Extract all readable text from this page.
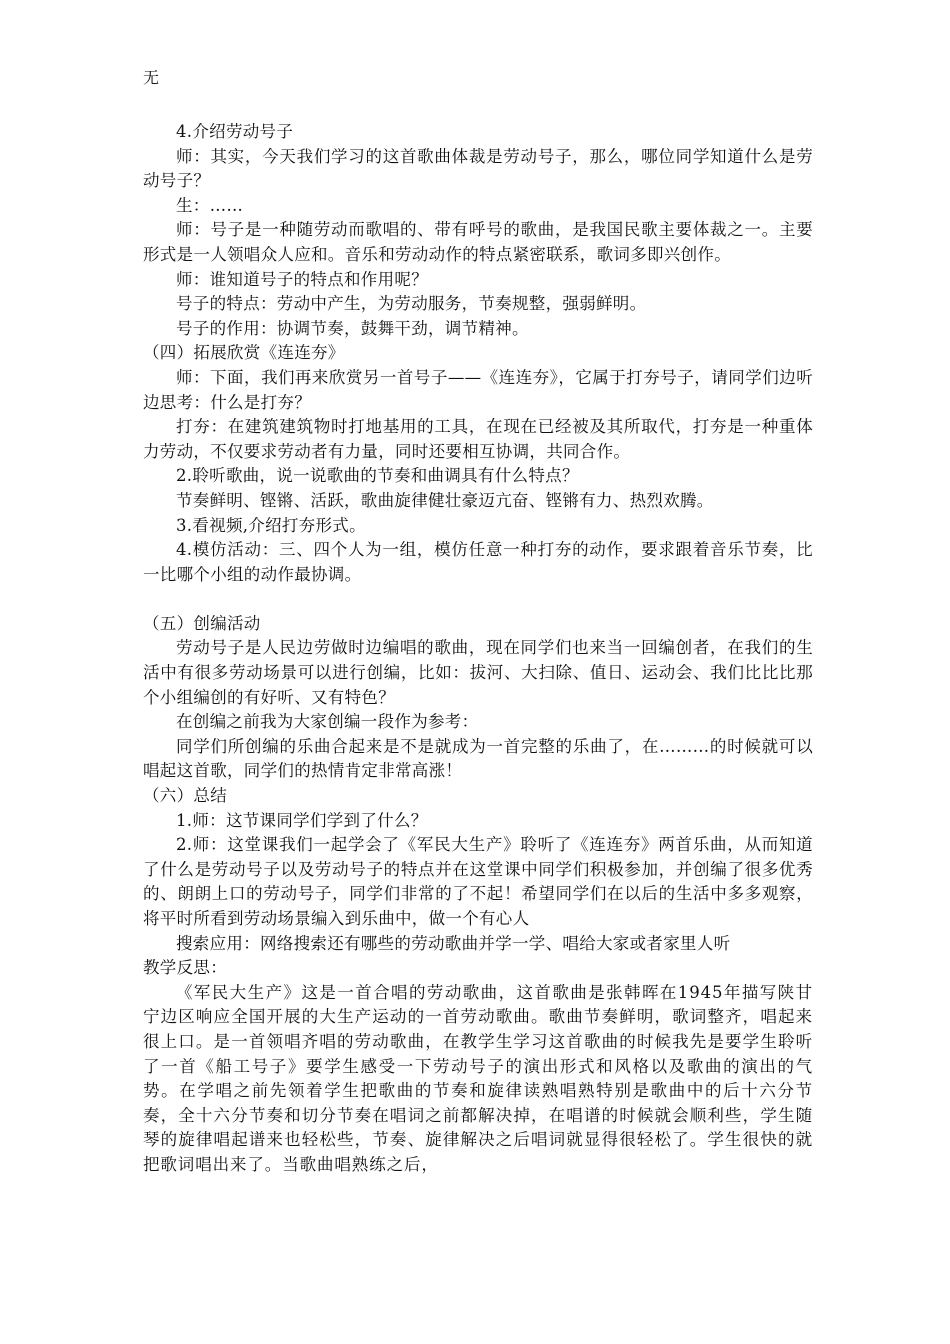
无

4.介绍劳动号子

师：其实，今天我们学习的这首歌曲体裁是劳动号子，那么，哪位同学知道什么是劳动号子？

生：……

师：号子是一种随劳动而歌唱的、带有呼号的歌曲，是我国民歌主要体裁之一。主要形式是一人领唱众人应和。音乐和劳动动作的特点紧密联系，歌词多即兴创作。

师：谁知道号子的特点和作用呢？

号子的特点：劳动中产生，为劳动服务，节奏规整，强弱鲜明。

号子的作用：协调节奏，鼓舞干劲，调节精神。

（四）拓展欣赏《连连夯》

师：下面，我们再来欣赏另一首号子——《连连夯》，它属于打夯号子，请同学们边听边思考：什么是打夯？

打夯：在建筑建筑物时打地基用的工具，在现在已经被及其所取代，打夯是一种重体力劳动，不仅要求劳动者有力量，同时还要相互协调，共同合作。

2.聆听歌曲，说一说歌曲的节奏和曲调具有什么特点？

节奏鲜明、铿锵、活跃，歌曲旋律健壮豪迈亢奋、铿锵有力、热烈欢腾。

3.看视频,介绍打夯形式。

4.模仿活动：三、四个人为一组，模仿任意一种打夯的动作，要求跟着音乐节奏，比一比哪个小组的动作最协调。

（五）创编活动

劳动号子是人民边劳做时边编唱的歌曲，现在同学们也来当一回编创者，在我们的生活中有很多劳动场景可以进行创编，比如：拔河、大扫除、值日、运动会、我们比比比那个小组编创的有好听、又有特色？

在创编之前我为大家创编一段作为参考：

同学们所创编的乐曲合起来是不是就成为一首完整的乐曲了，在………的时候就可以唱起这首歌，同学们的热情肯定非常高涨！

（六）总结

1.师：这节课同学们学到了什么？

2.师：这堂课我们一起学会了《军民大生产》聆听了《连连夯》两首乐曲，从而知道了什么是劳动号子以及劳动号子的特点并在这堂课中同学们积极参加，并创编了很多优秀的、朗朗上口的劳动号子，同学们非常的了不起！希望同学们在以后的生活中多多观察，将平时所看到劳动场景编入到乐曲中，做一个有心人

搜索应用：网络搜索还有哪些的劳动歌曲并学一学、唱给大家或者家里人听

教学反思：

《军民大生产》这是一首合唱的劳动歌曲，这首歌曲是张韩晖在1945年描写陕甘宁边区响应全国开展的大生产运动的一首劳动歌曲。歌曲节奏鲜明，歌词整齐，唱起来很上口。是一首领唱齐唱的劳动歌曲，在教学生学习这首歌曲的时候我先是要学生聆听了一首《船工号子》要学生感受一下劳动号子的演出形式和风格以及歌曲的演出的气势。在学唱之前先领着学生把歌曲的节奏和旋律读熟唱熟特别是歌曲中的后十六分节奏，全十六分节奏和切分节奏在唱词之前都解决掉，在唱谱的时候就会顺利些，学生随琴的旋律唱起谱来也轻松些，节奏、旋律解决之后唱词就显得很轻松了。学生很快的就把歌词唱出来了。当歌曲唱熟练之后，
